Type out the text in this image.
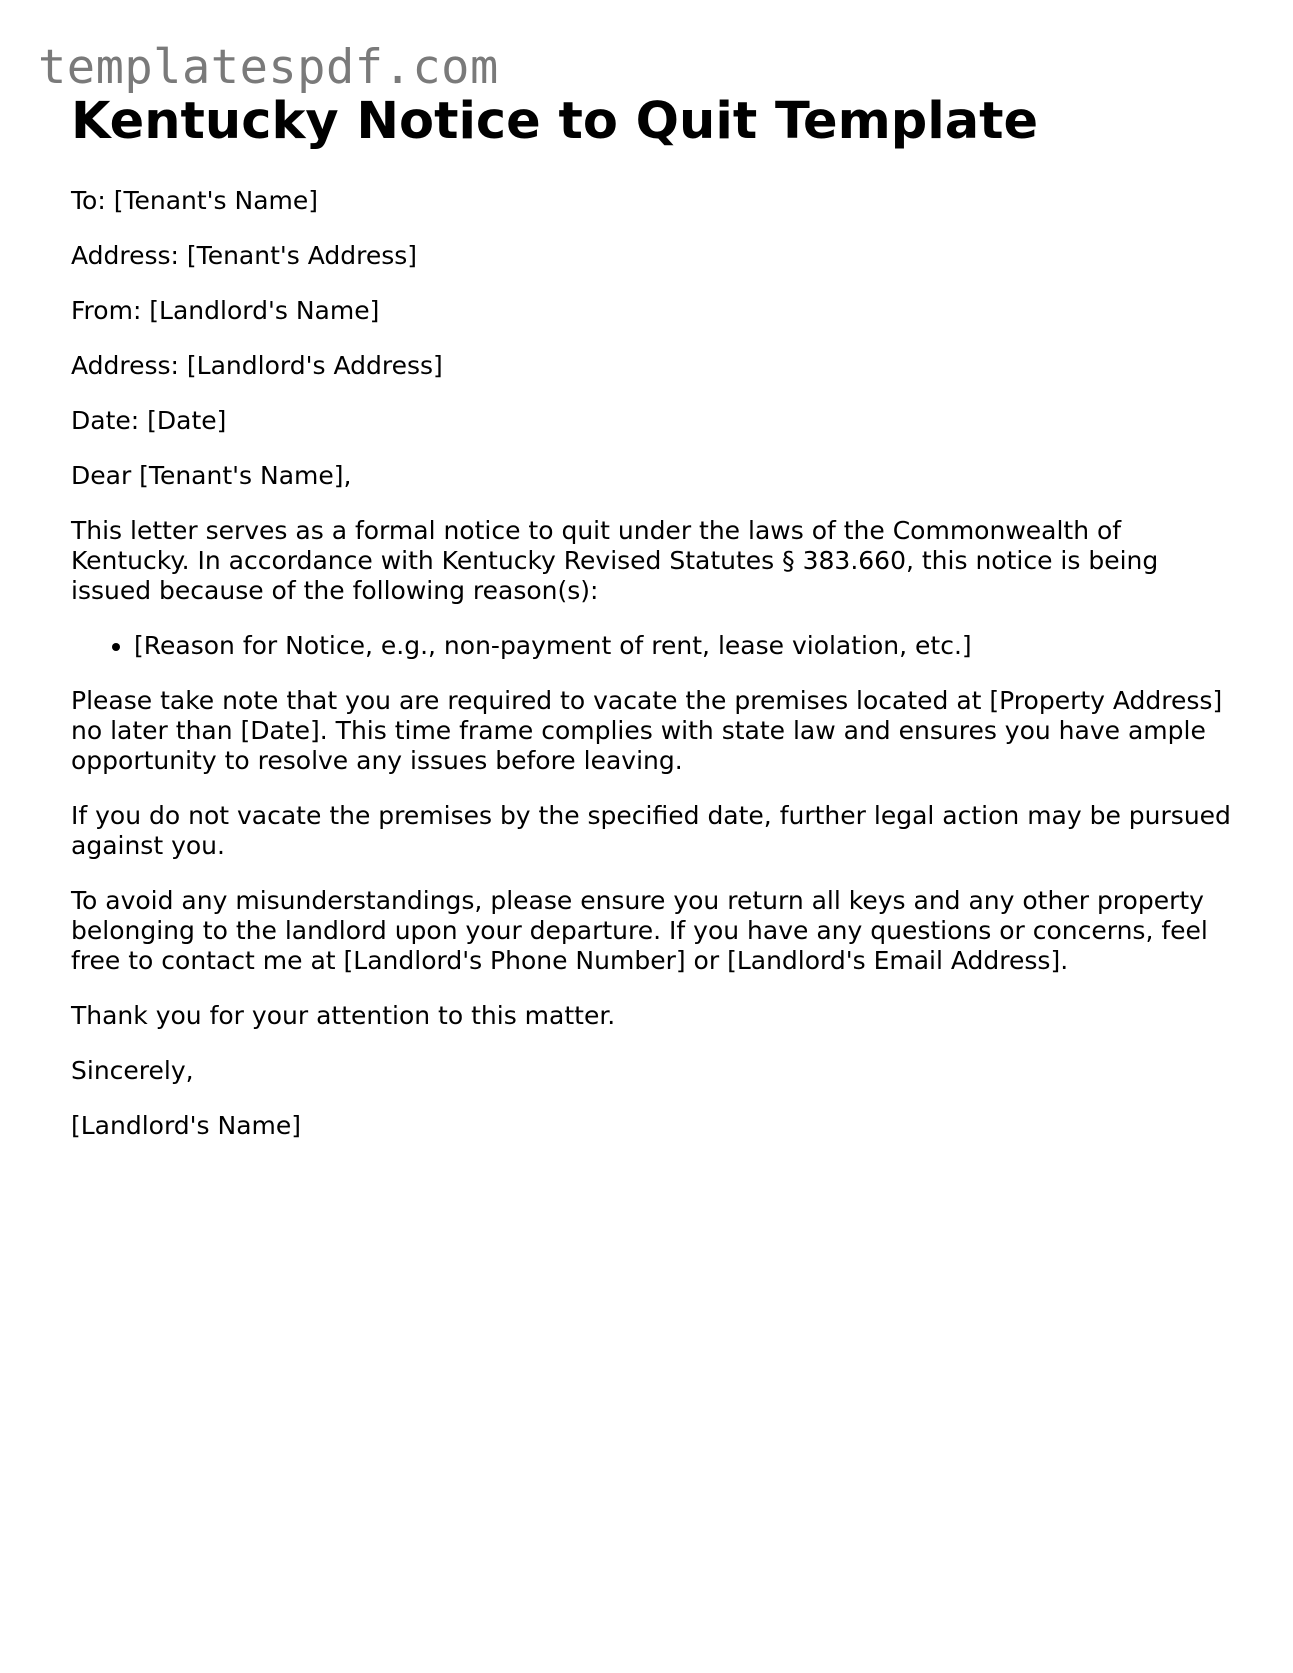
templatespdf.com
Kentucky Notice to Quit Template

To: [Tenant's Name]

Address: [Tenant's Address]

From: [Landlord's Name]

Address: [Landlord's Address]

Date: [Date]

Dear [Tenant's Name],

This letter serves as a formal notice to quit under the laws of the Commonwealth of Kentucky. In accordance with Kentucky Revised Statutes § 383.660, this notice is being issued because of the following reason(s):

• [Reason for Notice, e.g., non-payment of rent, lease violation, etc.]

Please take note that you are required to vacate the premises located at [Property Address] no later than [Date]. This time frame complies with state law and ensures you have ample opportunity to resolve any issues before leaving.

If you do not vacate the premises by the specified date, further legal action may be pursued against you.

To avoid any misunderstandings, please ensure you return all keys and any other property belonging to the landlord upon your departure. If you have any questions or concerns, feel free to contact me at [Landlord's Phone Number] or [Landlord's Email Address].

Thank you for your attention to this matter.

Sincerely,

[Landlord's Name]
